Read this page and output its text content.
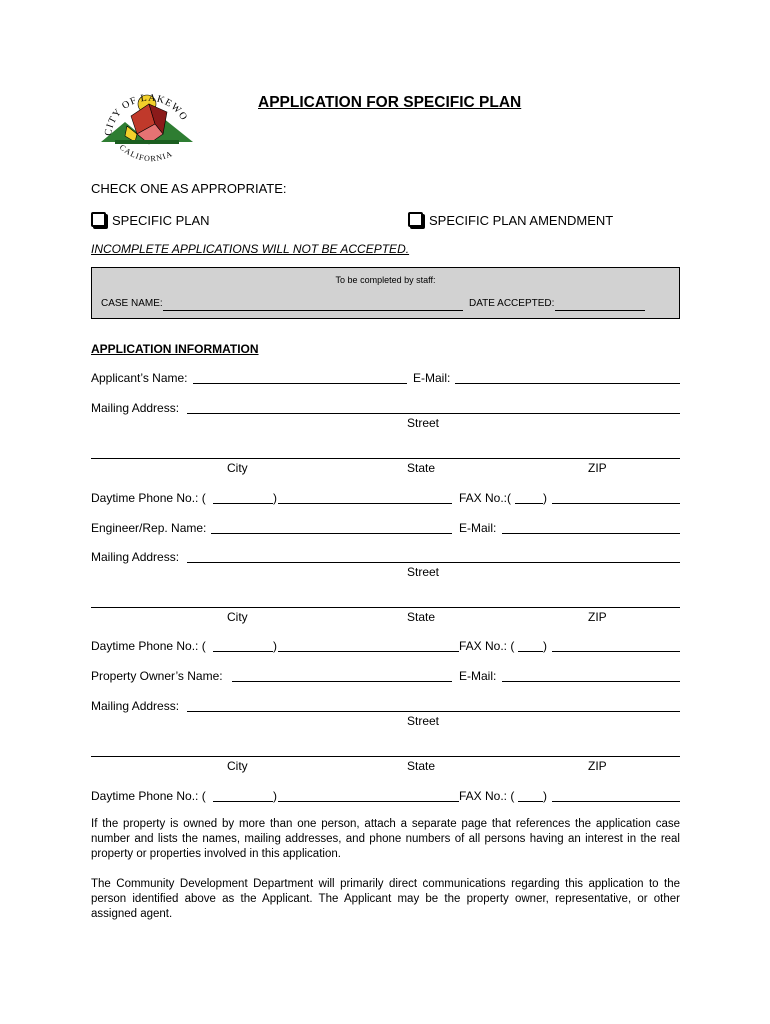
CITY OF LAKEWO
CALIFORNIA
APPLICATION FOR SPECIFIC PLAN
CHECK ONE AS APPROPRIATE:
SPECIFIC PLAN	SPECIFIC PLAN AMENDMENT
INCOMPLETE APPLICATIONS WILL NOT BE ACCEPTED.
To be completed by staff:
CASE NAME:	DATE ACCEPTED:
APPLICATION INFORMATION
Applicant’s Name:	E-Mail:
Mailing Address:
Street
City	State	ZIP
Daytime Phone No.: (	)	FAX No.:(	)
Engineer/Rep. Name:	E-Mail:
Mailing Address:
Street
City	State	ZIP
Daytime Phone No.: (	)	FAX No.: ( )
Property Owner’s Name:	E-Mail:
Mailing Address:
Street
City	State	ZIP
Daytime Phone No.: (	)	FAX No.: ( )
If the property is owned by more than one person, attach a separate page that references the application case number and lists the names, mailing addresses, and phone numbers of all persons having an interest in the real property or properties involved in this application.
The Community Development Department will primarily direct communications regarding this application to the person identified above as the Applicant. The Applicant may be the property owner, representative, or other assigned agent.
